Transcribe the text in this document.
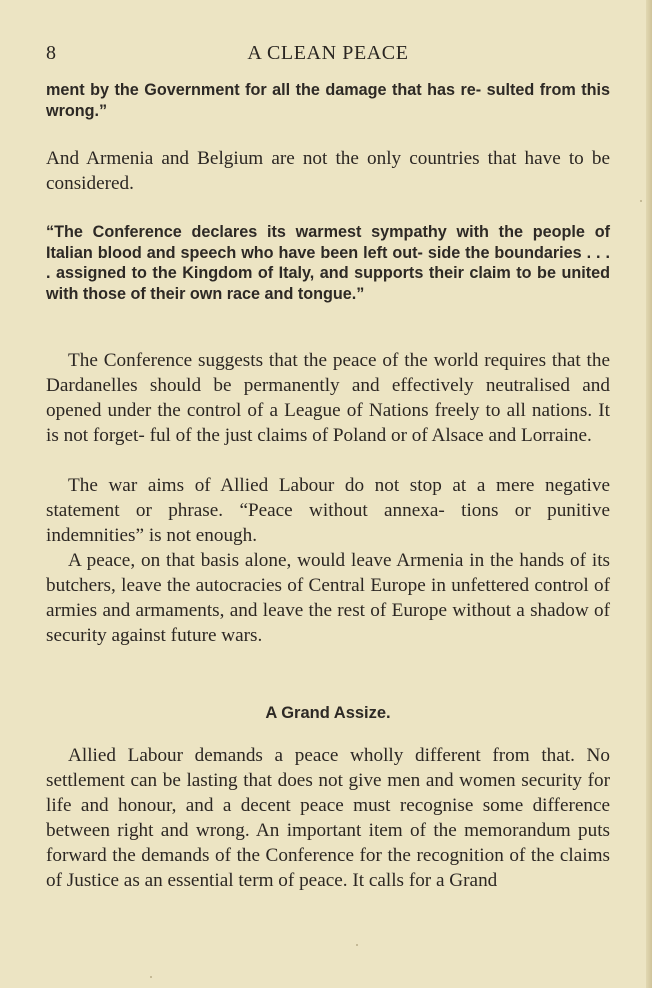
8	A CLEAN PEACE

ment by the Government for all the damage that has re- sulted from this wrong.”

And Armenia and Belgium are not the only countries that have to be considered.

“The Conference declares its warmest sympathy with the people of Italian blood and speech who have been left out- side the boundaries . . . . assigned to the Kingdom of Italy, and supports their claim to be united with those of their own race and tongue.”

The Conference suggests that the peace of the world requires that the Dardanelles should be permanently and effectively neutralised and opened under the control of a League of Nations freely to all nations. It is not forget- ful of the just claims of Poland or of Alsace and Lorraine.

The war aims of Allied Labour do not stop at a mere negative statement or phrase. “Peace without annexa- tions or punitive indemnities” is not enough.

A peace, on that basis alone, would leave Armenia in the hands of its butchers, leave the autocracies of Central Europe in unfettered control of armies and armaments, and leave the rest of Europe without a shadow of security against future wars.

A Grand Assize.

Allied Labour demands a peace wholly different from that. No settlement can be lasting that does not give men and women security for life and honour, and a decent peace must recognise some difference between right and wrong. An important item of the memorandum puts forward the demands of the Conference for the recognition of the claims of Justice as an essential term of peace. It calls for a Grand
